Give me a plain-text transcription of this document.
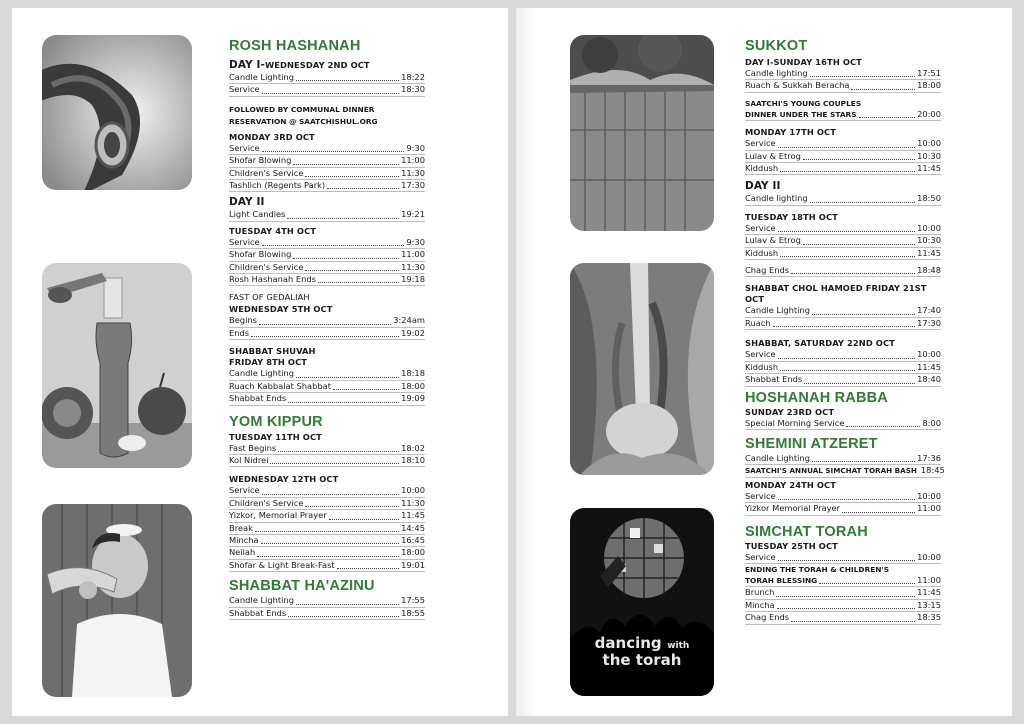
ROSH HASHANAH
DAY I-WEDNESDAY 2ND OCT
Candle Lighting	18:22
Service	18:30
FOLLOWED BY COMMUNAL DINNER
RESERVATION @ SAATCHISHUL.ORG
MONDAY 3RD OCT
Service	9:30
Shofar Blowing	11:00
Children's Service	11:30
Tashlich (Regents Park)	17:30
DAY II
Light Candles	19:21
TUESDAY 4TH OCT
Service	9:30
Shofar Blowing	11:00
Children's Service	11:30
Rosh Hashanah Ends	19:18
FAST OF GEDALIAH
WEDNESDAY 5TH OCT
Begins	3:24am
Ends	19:02
SHABBAT SHUVAH
FRIDAY 8TH OCT
Candle Lighting	18:18
Ruach Kabbalat Shabbat	18:00
Shabbat Ends	19:09
YOM KIPPUR
TUESDAY 11TH OCT
Fast Begins	18:02
Kol Nidrei	18:10
WEDNESDAY 12TH OCT
Service	10:00
Children's Service	11:30
Yizkor, Memorial Prayer	11:45
Break	14:45
Mincha	16:45
Neilah	18:00
Shofar & Light Break-Fast	19:01
SHABBAT HA'AZINU
Candle Lighting	17:55
Shabbat Ends	18:55
dancing with
the torah
SUKKOT
DAY I-SUNDAY 16TH OCT
Candle lighting	17:51
Ruach & Sukkah Beracha	18:00
SAATCHI'S YOUNG COUPLES
DINNER UNDER THE STARS	20:00
MONDAY 17TH OCT
Service	10:00
Lulav & Etrog	10:30
Kiddush	11:45
DAY II
Candle lighting	18:50
TUESDAY 18TH OCT
Service	10:00
Lulav & Etrog	10:30
Kiddush	11:45
Chag Ends	18:48
SHABBAT CHOL HAMOED FRIDAY 21ST OCT
Candle Lighting	17:40
Ruach	17:30
SHABBAT, SATURDAY 22ND OCT
Service	10:00
Kiddush	11:45
Shabbat Ends	18:40
HOSHANAH RABBA
SUNDAY 23RD OCT
Special Morning Service	8:00
SHEMINI ATZERET
Candle Lighting	17:36
SAATCHI'S ANNUAL SIMCHAT TORAH BASH 18:45
MONDAY 24TH OCT
Service	10:00
Yizkor Memorial Prayer	11:00
SIMCHAT TORAH
TUESDAY 25TH OCT
Service	10:00
ENDING THE TORAH & CHILDREN'S
TORAH BLESSING	11:00
Brunch	11:45
Mincha	13:15
Chag Ends	18:35
